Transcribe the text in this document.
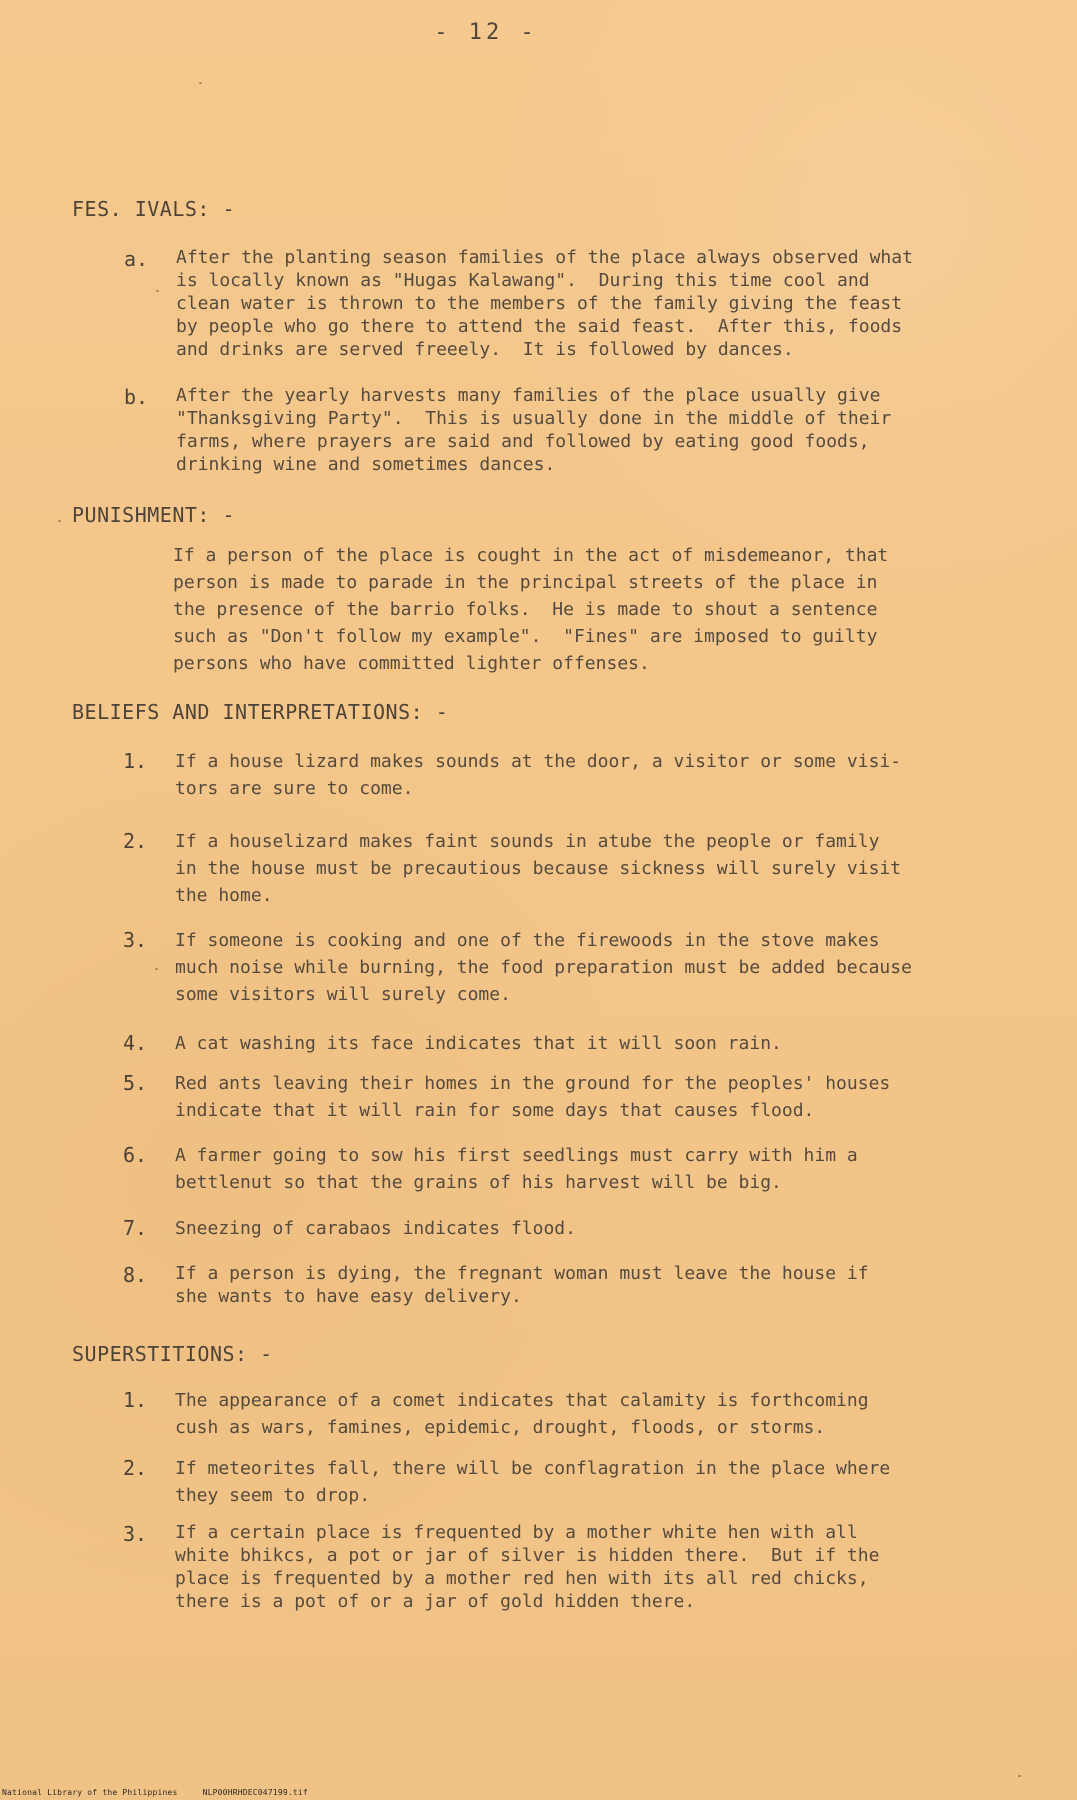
- 12 -
FES. IVALS: -
a.	After the planting season families of the place always observed what
is locally known as "Hugas Kalawang".  During this time cool and
clean water is thrown to the members of the family giving the feast
by people who go there to attend the said feast.  After this, foods
and drinks are served freeely.  It is followed by dances.
b.	After the yearly harvests many families of the place usually give
"Thanksgiving Party".  This is usually done in the middle of their
farms, where prayers are said and followed by eating good foods,
drinking wine and sometimes dances.
PUNISHMENT: -
If a person of the place is cought in the act of misdemeanor, that
person is made to parade in the principal streets of the place in
the presence of the barrio folks.  He is made to shout a sentence
such as "Don't follow my example".  "Fines" are imposed to guilty
persons who have committed lighter offenses.
BELIEFS AND INTERPRETATIONS: -
1.	If a house lizard makes sounds at the door, a visitor or some visi-
tors are sure to come.
2.	If a houselizard makes faint sounds in atube the people or family
in the house must be precautious because sickness will surely visit
the home.
3.	If someone is cooking and one of the firewoods in the stove makes
much noise while burning, the food preparation must be added because
some visitors will surely come.
4.	A cat washing its face indicates that it will soon rain.
5.	Red ants leaving their homes in the ground for the peoples' houses
indicate that it will rain for some days that causes flood.
6.	A farmer going to sow his first seedlings must carry with him a
bettlenut so that the grains of his harvest will be big.
7.	Sneezing of carabaos indicates flood.
8.	If a person is dying, the fregnant woman must leave the house if
she wants to have easy delivery.
SUPERSTITIONS: -
1.	The appearance of a comet indicates that calamity is forthcoming
cush as wars, famines, epidemic, drought, floods, or storms.
2.	If meteorites fall, there will be conflagration in the place where
they seem to drop.
3.	If a certain place is frequented by a mother white hen with all
white bhikcs, a pot or jar of silver is hidden there.  But if the
place is frequented by a mother red hen with its all red chicks,
there is a pot of or a jar of gold hidden there.
National Library of the Philippines	NLP00HRHDEC047199.tif
